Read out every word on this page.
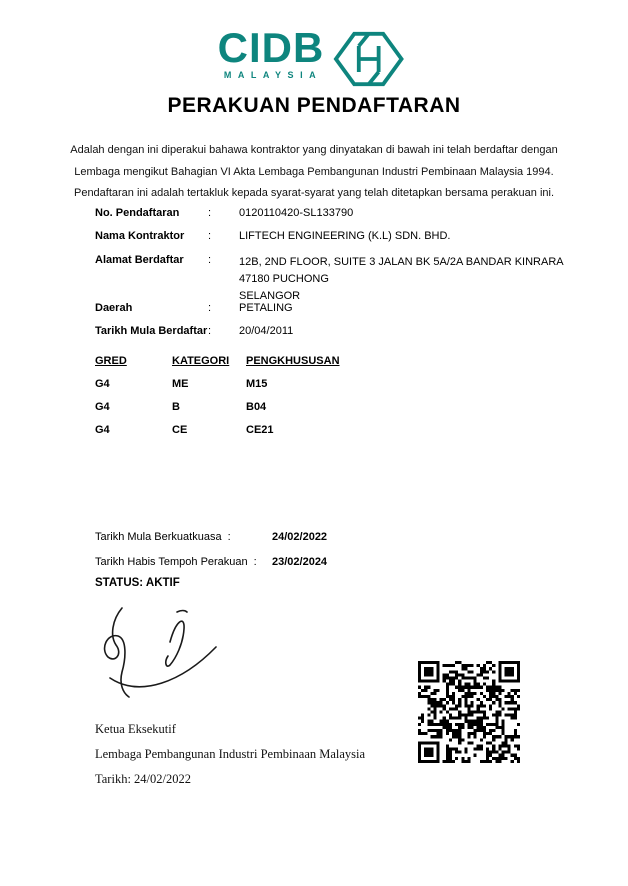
CIDB
MALAYSIA
PERAKUAN PENDAFTARAN
Adalah dengan ini diperakui bahawa kontraktor yang dinyatakan di bawah ini telah berdaftar dengan
Lembaga mengikut Bahagian VI Akta Lembaga Pembangunan Industri Pembinaan Malaysia 1994.
Pendaftaran ini adalah tertakluk kepada syarat-syarat yang telah ditetapkan bersama perakuan ini.
No. Pendaftaran	:	0120110420-SL133790
Nama Kontraktor	:	LIFTECH ENGINEERING (K.L) SDN. BHD.
Alamat Berdaftar	:	12B, 2ND FLOOR, SUITE 3 JALAN BK 5A/2A BANDAR KINRARA
47180 PUCHONG
SELANGOR
Daerah	:	PETALING
Tarikh Mula Berdaftar :	20/04/2011
GRED	KATEGORI	PENGKHUSUSAN
G4	ME	M15
G4	B	B04
G4	CE	CE21
Tarikh Mula Berkuatkuasa :	24/02/2022
Tarikh Habis Tempoh Perakuan : 23/02/2024
STATUS: AKTIF
Ketua Eksekutif
Lembaga Pembangunan Industri Pembinaan Malaysia
Tarikh: 24/02/2022
